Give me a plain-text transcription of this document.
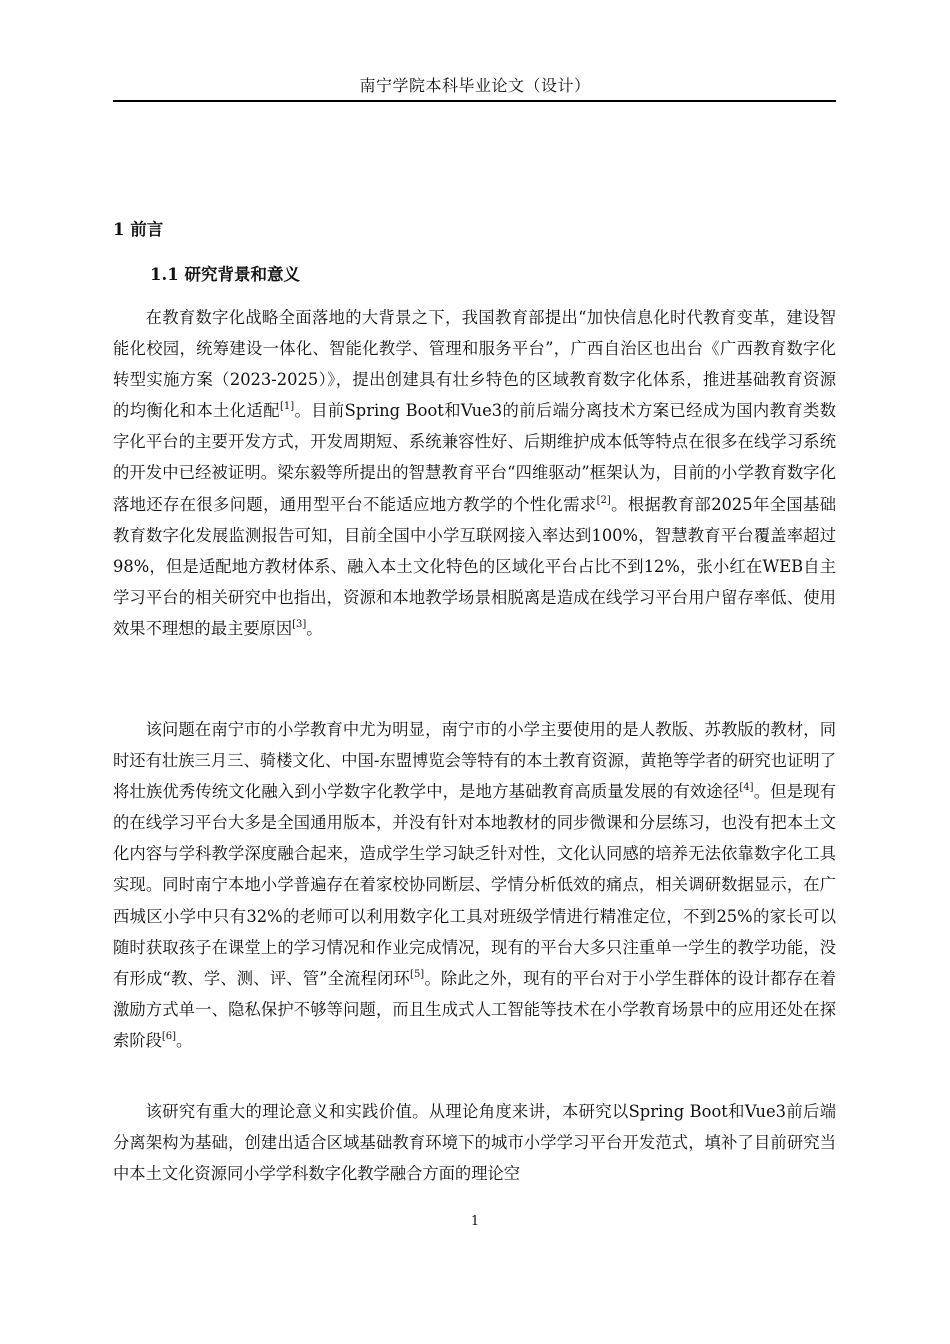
南宁学院本科毕业论文（设计）
1 前言
1.1 研究背景和意义
在教育数字化战略全面落地的大背景之下，我国教育部提出“加快信息化时代教育变革，建设智能化校园，统筹建设一体化、智能化教学、管理和服务平台”，广西自治区也出台《广西教育数字化转型实施方案（2023-2025）》，提出创建具有壮乡特色的区域教育数字化体系，推进基础教育资源的均衡化和本土化适配[1]。目前Spring Boot和Vue3的前后端分离技术方案已经成为国内教育类数字化平台的主要开发方式，开发周期短、系统兼容性好、后期维护成本低等特点在很多在线学习系统的开发中已经被证明。梁东毅等所提出的智慧教育平台“四维驱动”框架认为，目前的小学教育数字化落地还存在很多问题，通用型平台不能适应地方教学的个性化需求[2]。根据教育部2025年全国基础教育数字化发展监测报告可知，目前全国中小学互联网接入率达到100%，智慧教育平台覆盖率超过98%，但是适配地方教材体系、融入本土文化特色的区域化平台占比不到12%，张小红在WEB自主学习平台的相关研究中也指出，资源和本地教学场景相脱离是造成在线学习平台用户留存率低、使用效果不理想的最主要原因[3]。
该问题在南宁市的小学教育中尤为明显，南宁市的小学主要使用的是人教版、苏教版的教材，同时还有壮族三月三、骑楼文化、中国-东盟博览会等特有的本土教育资源，黄艳等学者的研究也证明了将壮族优秀传统文化融入到小学数字化教学中，是地方基础教育高质量发展的有效途径[4]。但是现有的在线学习平台大多是全国通用版本，并没有针对本地教材的同步微课和分层练习，也没有把本土文化内容与学科教学深度融合起来，造成学生学习缺乏针对性，文化认同感的培养无法依靠数字化工具实现。同时南宁本地小学普遍存在着家校协同断层、学情分析低效的痛点，相关调研数据显示，在广西城区小学中只有32%的老师可以利用数字化工具对班级学情进行精准定位，不到25%的家长可以随时获取孩子在课堂上的学习情况和作业完成情况，现有的平台大多只注重单一学生的教学功能，没有形成“教、学、测、评、管”全流程闭环[5]。除此之外，现有的平台对于小学生群体的设计都存在着激励方式单一、隐私保护不够等问题，而且生成式人工智能等技术在小学教育场景中的应用还处在探索阶段[6]。
该研究有重大的理论意义和实践价值。从理论角度来讲，本研究以Spring Boot和Vue3前后端分离架构为基础，创建出适合区域基础教育环境下的城市小学学习平台开发范式，填补了目前研究当中本土文化资源同小学学科数字化教学融合方面的理论空
1
